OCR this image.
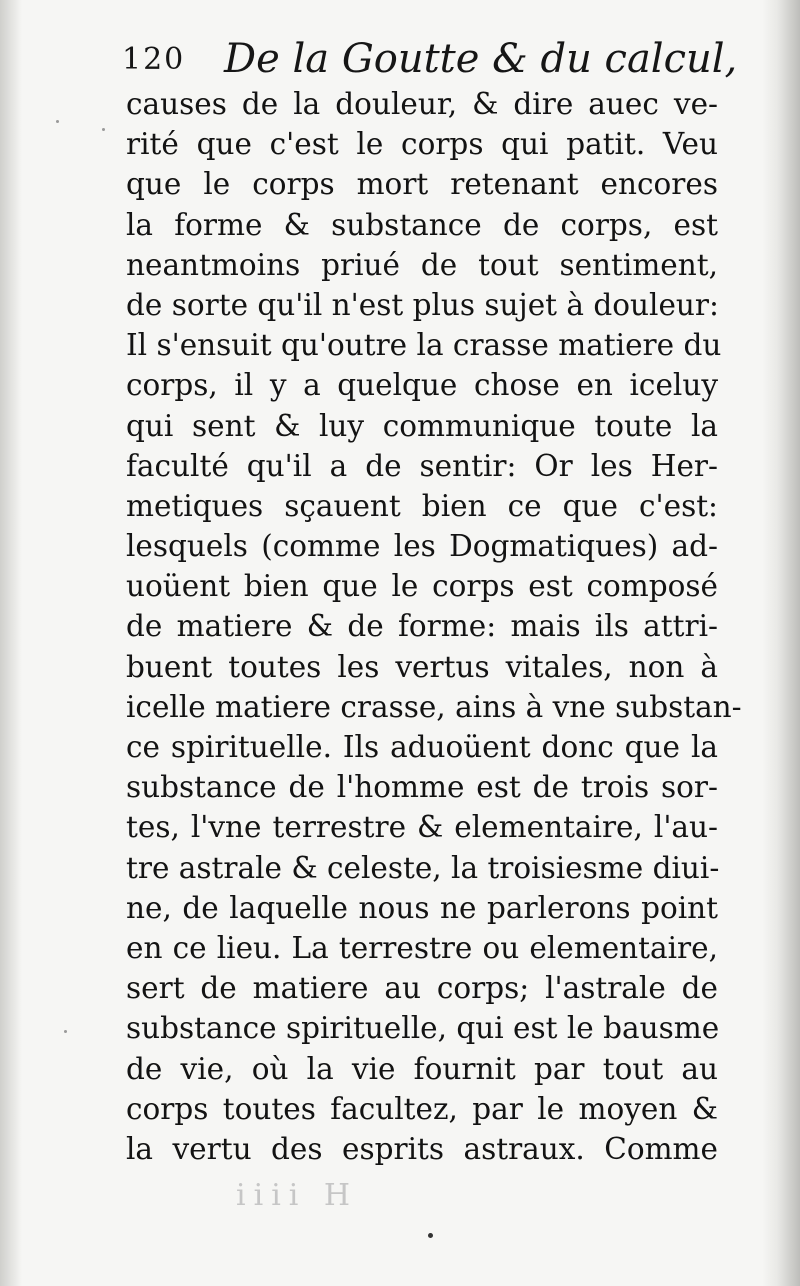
120 De la Goutte & du calcul,
causes de la douleur, & dire auec ve-
rité que c'est le corps qui patit. Veu
que le corps mort retenant encores
la forme & substance de corps, est
neantmoins priué de tout sentiment,
de sorte qu'il n'est plus sujet à douleur:
Il s'ensuit qu'outre la crasse matiere du
corps, il y a quelque chose en iceluy
qui sent & luy communique toute la
faculté qu'il a de sentir: Or les Her-
metiques sçauent bien ce que c'est:
lesquels (comme les Dogmatiques) ad-
uoüent bien que le corps est composé
de matiere & de forme: mais ils attri-
buent toutes les vertus vitales, non à
icelle matiere crasse, ains à vne substan-
ce spirituelle. Ils aduoüent donc que la
substance de l'homme est de trois sor-
tes, l'vne terrestre & elementaire, l'au-
tre astrale & celeste, la troisiesme diui-
ne, de laquelle nous ne parlerons point
en ce lieu. La terrestre ou elementaire,
sert de matiere au corps; l'astrale de
substance spirituelle, qui est le bausme
de vie, où la vie fournit par tout au
corps toutes facultez, par le moyen &
la vertu des esprits astraux. Comme
iiii H
